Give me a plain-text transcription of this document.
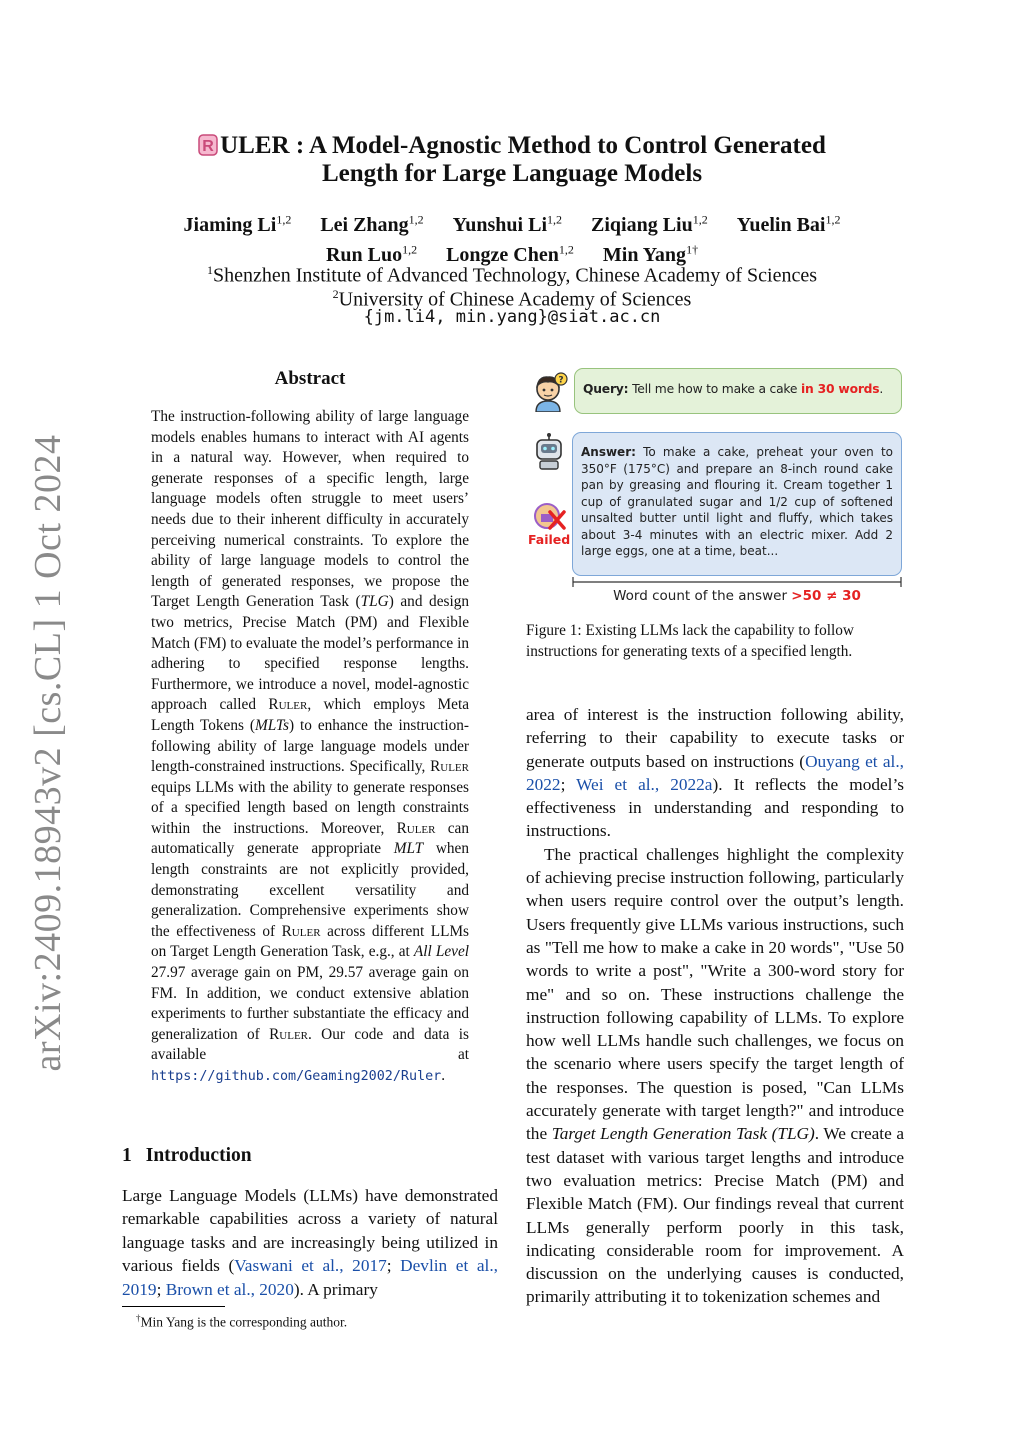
arXiv:2409.18943v2 [cs.CL] 1 Oct 2024
R ULER : A Model-Agnostic Method to Control Generated
Length for Large Language Models
Jiaming Li$^{1,2}$ Lei Zhang$^{1,2}$ Yunshui Li$^{1,2}$ Ziqiang Liu$^{1,2}$ Yuelin Bai$^{1,2}$
Run Luo$^{1,2}$ Longze Chen$^{1,2}$ Min Yang$^{1\dagger}$
$^1$Shenzhen Institute of Advanced Technology, Chinese Academy of Sciences
$^2$University of Chinese Academy of Sciences
{jm.li4, min.yang}@siat.ac.cn
Abstract
The instruction-following ability of large language models enables humans to interact with AI agents in a natural way. However, when required to generate responses of a specific length, large language models often struggle to meet users’ needs due to their inherent difficulty in accurately perceiving numerical constraints. To explore the ability of large language models to control the length of generated responses, we propose the Target Length Generation Task (TLG) and design two metrics, Precise Match (PM) and Flexible Match (FM) to evaluate the model’s performance in adhering to specified response lengths. Furthermore, we introduce a novel, model-agnostic approach called Ruler, which employs Meta Length Tokens (MLTs) to enhance the instruction-following ability of large language models under length-constrained instructions. Specifically, Ruler equips LLMs with the ability to generate responses of a specified length based on length constraints within the instructions. Moreover, Ruler can automatically generate appropriate MLT when length constraints are not explicitly provided, demonstrating excellent versatility and generalization. Comprehensive experiments show the effectiveness of Ruler across different LLMs on Target Length Generation Task, e.g., at All Level 27.97 average gain on PM, 29.57 average gain on FM. In addition, we conduct extensive ablation experiments to further substantiate the efficacy and generalization of Ruler. Our code and data is available at https://github.com/Geaming2002/Ruler.
1 Introduction
Large Language Models (LLMs) have demonstrated remarkable capabilities across a variety of natural language tasks and are increasingly being utilized in various fields (Vaswani et al., 2017; Devlin et al., 2019; Brown et al., 2020). A primary
†Min Yang is the corresponding author.
?
Query: Tell me how to make a cake in 30 words.
Answer: To make a cake, preheat your oven to 350°F (175°C) and prepare an 8-inch round cake pan by greasing and flouring it. Cream together 1 cup of granulated sugar and 1/2 cup of softened unsalted butter until light and fluffy, which takes about 3-4 minutes with an electric mixer. Add 2 large eggs, one at a time, beat...
Failed
Word count of the answer >50 ≠ 30
Figure 1: Existing LLMs lack the capability to follow instructions for generating texts of a specified length.

area of interest is the instruction following ability, referring to their capability to execute tasks or generate outputs based on instructions (Ouyang et al., 2022; Wei et al., 2022a). It reflects the model’s effectiveness in understanding and responding to instructions.

The practical challenges highlight the complexity of achieving precise instruction following, particularly when users require control over the output’s length. Users frequently give LLMs various instructions, such as "Tell me how to make a cake in 20 words", "Use 50 words to write a post", "Write a 300-word story for me" and so on. These instructions challenge the instruction following capability of LLMs. To explore how well LLMs handle such challenges, we focus on the scenario where users specify the target length of the responses. The question is posed, "Can LLMs accurately generate with target length?" and introduce the Target Length Generation Task (TLG). We create a test dataset with various target lengths and introduce two evaluation metrics: Precise Match (PM) and Flexible Match (FM). Our findings reveal that current LLMs generally perform poorly in this task, indicating considerable room for improvement. A discussion on the underlying causes is conducted, primarily attributing it to tokenization schemes and
